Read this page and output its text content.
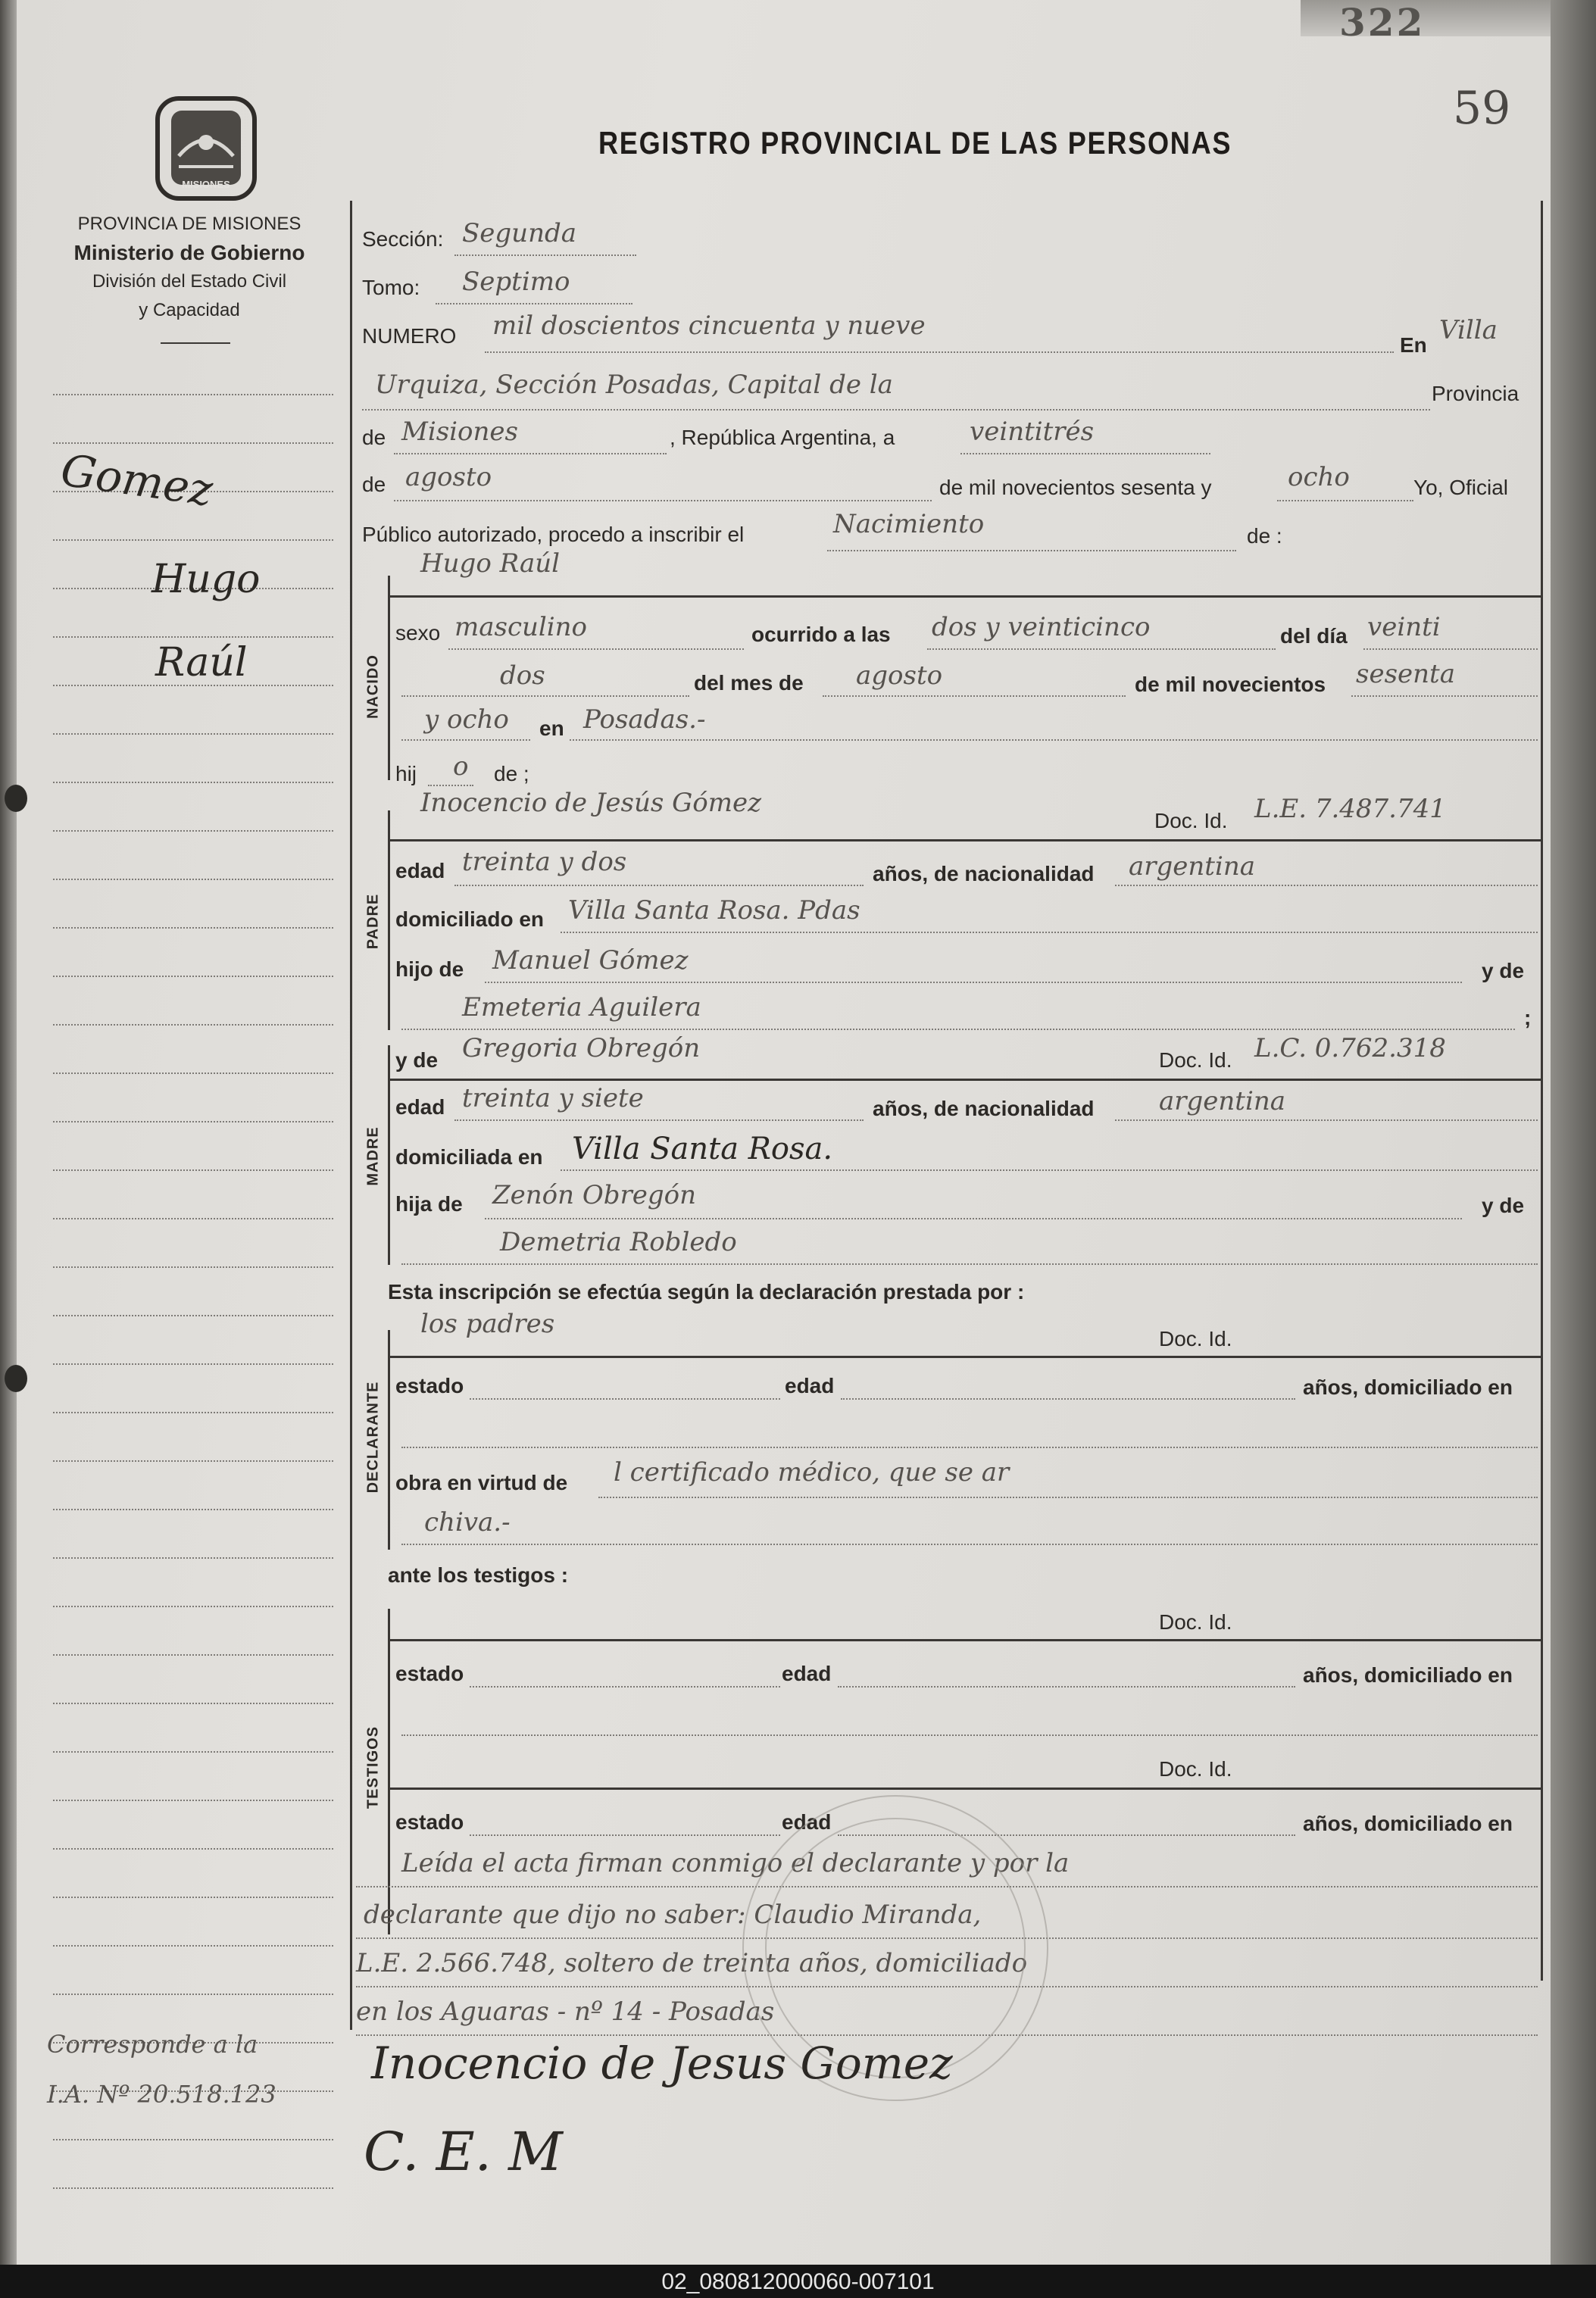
322
59
REGISTRO PROVINCIAL DE LAS PERSONAS
MISIONES
PROVINCIA DE MISIONES
Ministerio de Gobierno
División del Estado Civil
y Capacidad
Gomez
Hugo
Raúl
Sección: Segunda
Tomo: Septimo
NUMERO mil doscientos cincuenta y nueve
En Villa
Urquiza, Sección Posadas, Capital de la	Provincia
de Misiones	, República Argentina, a	veintitrés
de agosto	de mil novecientos sesenta y	ocho	Yo, Oficial
Público autorizado, procedo a inscribir el	Nacimiento	de :
NACIDO
Hugo Raúl
sexo masculino	ocurrido a las dos y veinticinco	del día veinti
dos	del mes de agosto	de mil novecientos sesenta
y ocho en Posadas.-
hij o de ;
PADRE
Inocencio de Jesús Gómez
Doc. Id. L.E. 7.487.741
edad treinta y dos	años, de nacionalidad argentina
domiciliado en Villa Santa Rosa. Pdas
hijo de Manuel Gómez	y de
Emeteria Aguilera	;
MADRE
y de Gregoria Obregón	Doc. Id. L.C. 0.762.318
edad treinta y siete	años, de nacionalidad	argentina
domiciliada en Villa Santa Rosa.
hija de Zenón Obregón	y de
Demetria Robledo
Esta inscripción se efectúa según la declaración prestada por :
DECLARANTE
los padres	Doc. Id.
estado	edad	años, domiciliado en
obra en virtud de l certificado médico, que se ar
chiva.-
ante los testigos :
TESTIGOS
Doc. Id.
estado	edad	años, domiciliado en
Doc. Id.
estado	edad	años, domiciliado en
Leída el acta firman conmigo el declarante y por la
declarante que dijo no saber: Claudio Miranda,
L.E. 2.566.748, soltero de treinta años, domiciliado
en los Aguaras - nº 14 - Posadas
Corresponde a la
I.A. Nº 20.518.123
Inocencio de Jesus Gomez
C. E. M
02_080812000060-007101
